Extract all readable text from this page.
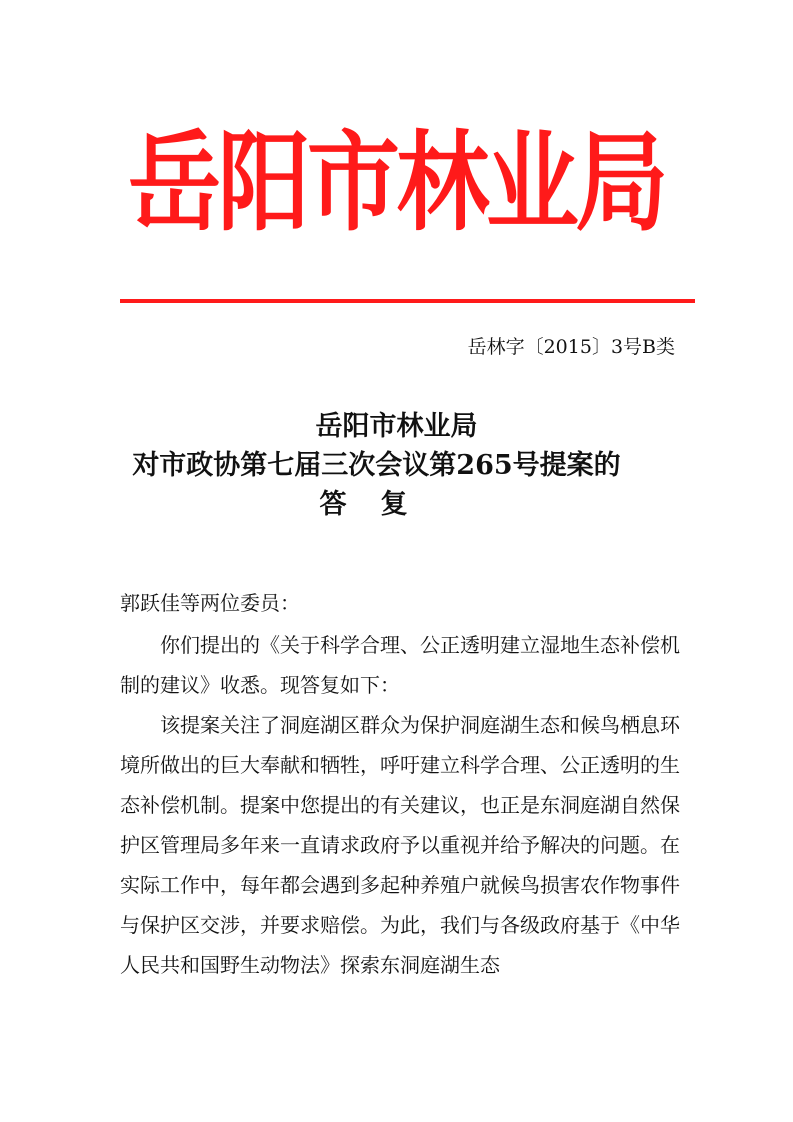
岳阳市林业局
岳林字〔2015〕3号B类
岳阳市林业局
对市政协第七届三次会议第265号提案的
答复
郭跃佳等两位委员：

你们提出的《关于科学合理、公正透明建立湿地生态补偿机制的建议》收悉。现答复如下：

该提案关注了洞庭湖区群众为保护洞庭湖生态和候鸟栖息环境所做出的巨大奉献和牺牲，呼吁建立科学合理、公正透明的生态补偿机制。提案中您提出的有关建议，也正是东洞庭湖自然保护区管理局多年来一直请求政府予以重视并给予解决的问题。在实际工作中，每年都会遇到多起种养殖户就候鸟损害农作物事件与保护区交涉，并要求赔偿。为此，我们与各级政府基于《中华人民共和国野生动物法》探索东洞庭湖生态
